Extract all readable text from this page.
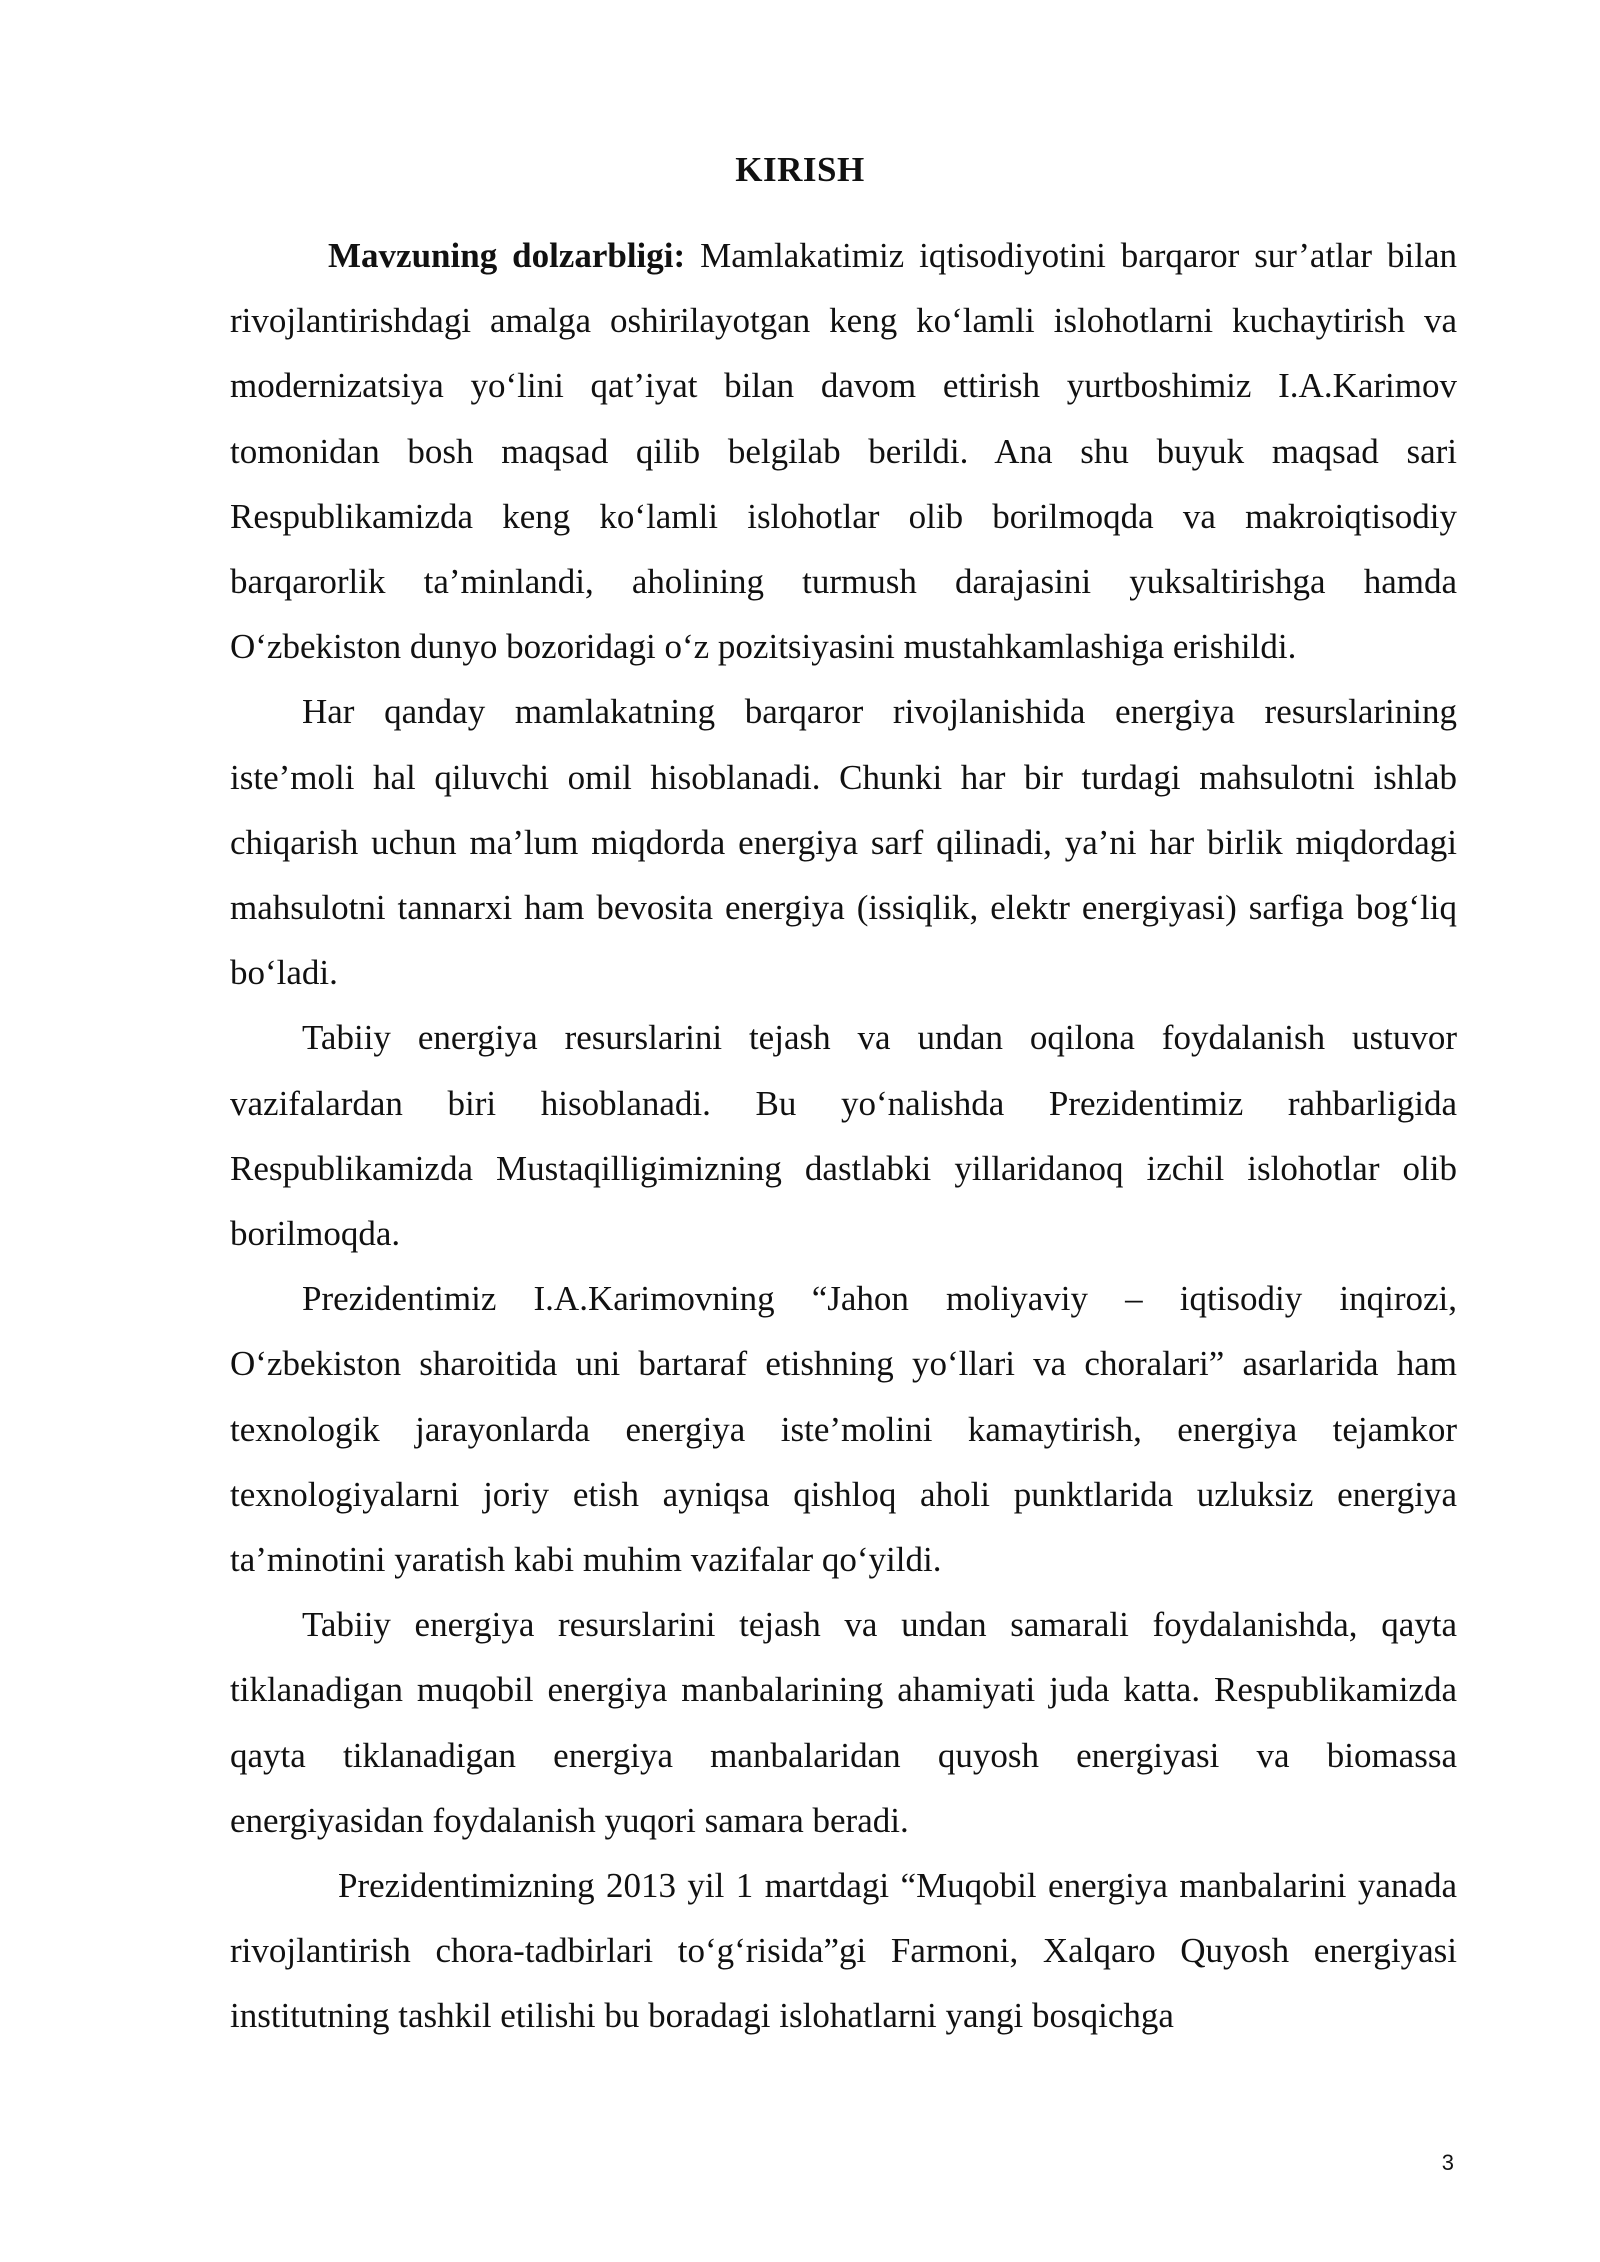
KIRISH

Mavzuning dolzarbligi: Mamlakatimiz iqtisodiyotini barqaror sur’atlar bilan rivojlantirishdagi amalga oshirilayotgan keng koʻlamli islohotlarni kuchaytirish va modernizatsiya yoʻlini qat’iyat bilan davom ettirish yurtboshimiz I.A.Karimov tomonidan bosh maqsad qilib belgilab berildi. Ana shu buyuk maqsad sari Respublikamizda keng koʻlamli islohotlar olib borilmoqda va makroiqtisodiy barqarorlik ta’minlandi, aholining turmush darajasini yuksaltirishga hamda Oʻzbekiston dunyo bozoridagi oʻz pozitsiyasini mustahkamlashiga erishildi.

Har qanday mamlakatning barqaror rivojlanishida energiya resurslarining iste’moli hal qiluvchi omil hisoblanadi. Chunki har bir turdagi mahsulotni ishlab chiqarish uchun ma’lum miqdorda energiya sarf qilinadi, ya’ni har birlik miqdordagi mahsulotni tannarxi ham bevosita energiya (issiqlik, elektr energiyasi) sarfiga bogʻliq boʻladi.

Tabiiy energiya resurslarini tejash va undan oqilona foydalanish ustuvor vazifalardan biri hisoblanadi. Bu yoʻnalishda Prezidentimiz rahbarligida Respublikamizda Mustaqilligimizning dastlabki yillaridanoq izchil islohotlar olib borilmoqda.

Prezidentimiz I.A.Karimovning “Jahon moliyaviy – iqtisodiy inqirozi, Oʻzbekiston sharoitida uni bartaraf etishning yoʻllari va choralari” asarlarida ham texnologik jarayonlarda energiya iste’molini kamaytirish, energiya tejamkor texnologiyalarni joriy etish ayniqsa qishloq aholi punktlarida uzluksiz energiya ta’minotini yaratish kabi muhim vazifalar qoʻyildi.

Tabiiy energiya resurslarini tejash va undan samarali foydalanishda, qayta tiklanadigan muqobil energiya manbalarining ahamiyati juda katta. Respublikamizda qayta tiklanadigan energiya manbalaridan quyosh energiyasi va biomassa energiyasidan foydalanish yuqori samara beradi.

Prezidentimizning 2013 yil 1 martdagi “Muqobil energiya manbalarini yanada rivojlantirish chora-tadbirlari toʻgʻrisida”gi Farmoni, Xalqaro Quyosh energiyasi institutning tashkil etilishi bu boradagi islohatlarni yangi bosqichga

3
